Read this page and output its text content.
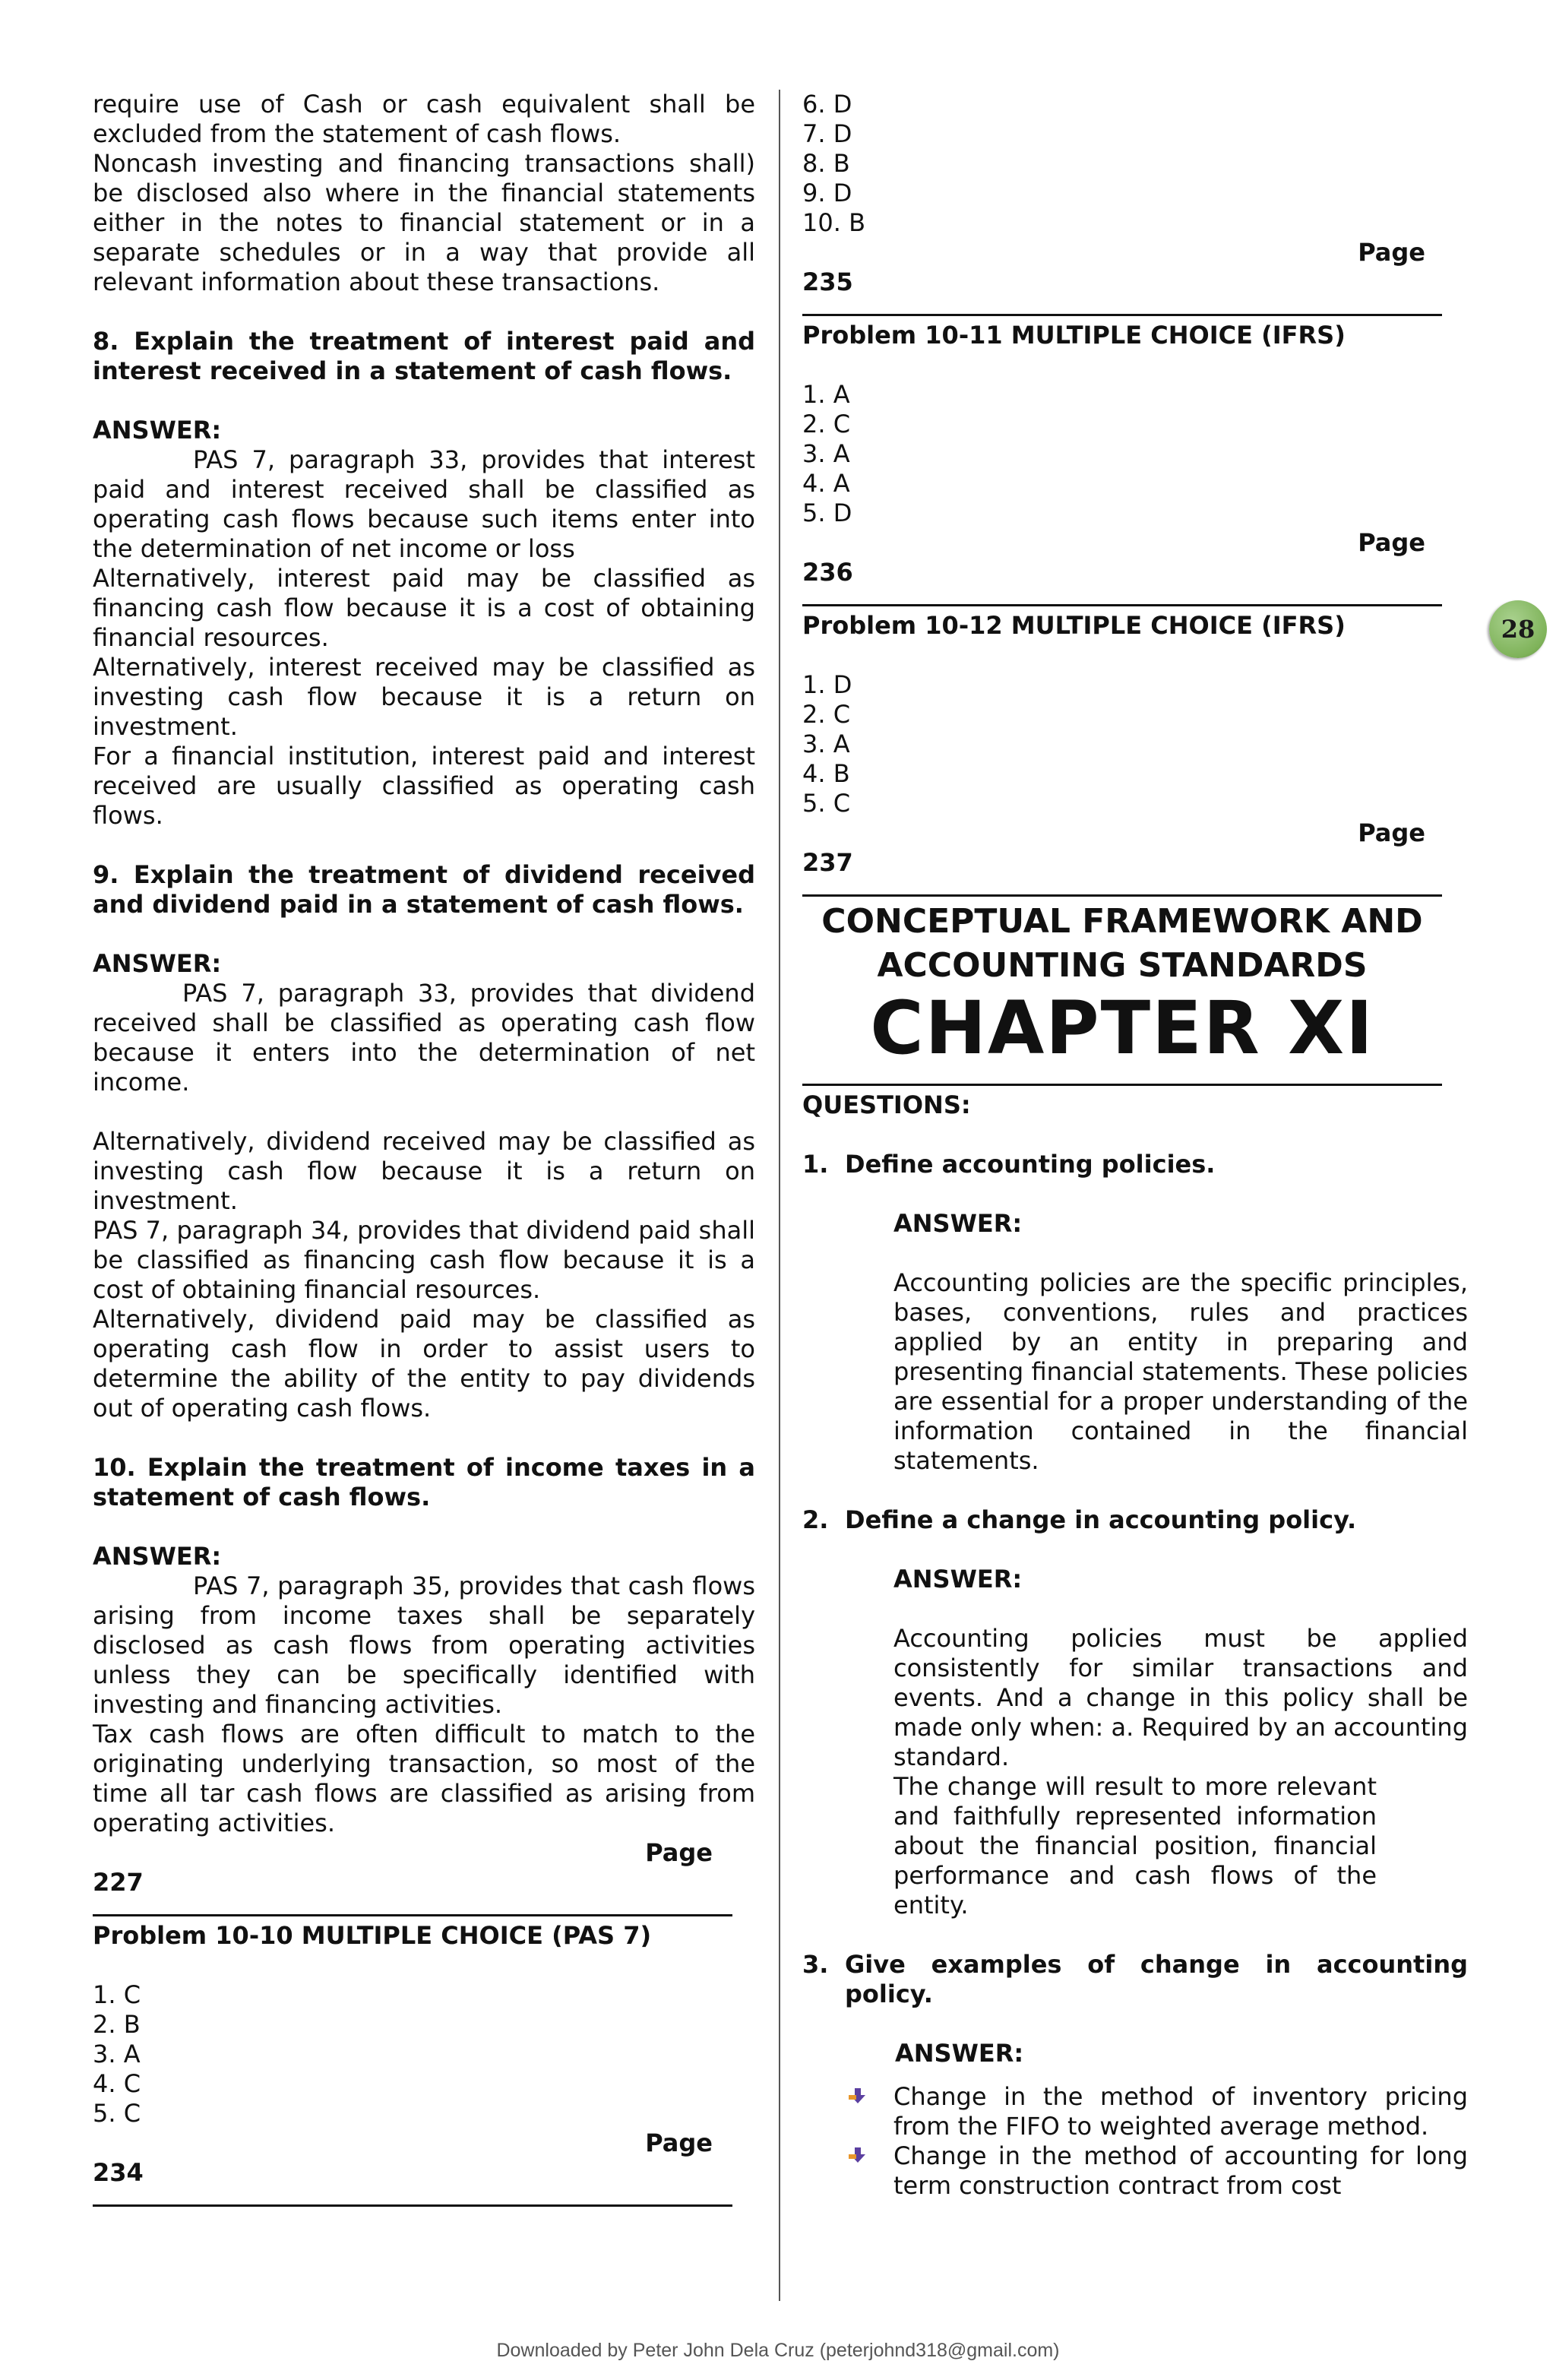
require use of Cash or cash equivalent shall be excluded from the statement of cash flows.

Noncash investing and financing transactions shall) be disclosed also where in the financial statements either in the notes to financial statement or in a separate schedules or in a way that provide all relevant information about these transactions.

8. Explain the treatment of interest paid and interest received in a statement of cash flows.

ANSWER:

PAS 7, paragraph 33, provides that interest paid and interest received shall be classified as operating cash flows because such items enter into the determination of net income or loss

Alternatively, interest paid may be classified as financing cash flow because it is a cost of obtaining financial resources.

Alternatively, interest received may be classified as investing cash flow because it is a return on investment.

For a financial institution, interest paid and interest received are usually classified as operating cash flows.

9. Explain the treatment of dividend received and dividend paid in a statement of cash flows.

ANSWER:

PAS 7, paragraph 33, provides that dividend received shall be classified as operating cash flow because it enters into the determination of net income.

Alternatively, dividend received may be classified as investing cash flow because it is a return on investment.

PAS 7, paragraph 34, provides that dividend paid shall be classified as financing cash flow because it is a cost of obtaining financial resources.

Alternatively, dividend paid may be classified as operating cash flow in order to assist users to determine the ability of the entity to pay dividends out of operating cash flows.

10. Explain the treatment of income taxes in a statement of cash flows.

ANSWER:

PAS 7, paragraph 35, provides that cash flows arising from income taxes shall be separately disclosed as cash flows from operating activities unless they can be specifically identified with investing and financing activities.

Tax cash flows are often difficult to match to the originating underlying transaction, so most of the time all tar cash flows are classified as arising from operating activities.

Page

227

Problem 10-10 MULTIPLE CHOICE (PAS 7)

1. C

2. B

3. A

4. C

5. C

Page

234

6. D

7. D

8. B

9. D

10. B

Page

235

Problem 10-11 MULTIPLE CHOICE (IFRS)

1. A

2. C

3. A

4. A

5. D

Page

236

Problem 10-12 MULTIPLE CHOICE (IFRS)

1. D

2. C

3. A

4. B

5. C

Page

237

CONCEPTUAL FRAMEWORK AND

ACCOUNTING STANDARDS

CHAPTER XI

QUESTIONS:

1. Define accounting policies.

ANSWER:

Accounting policies are the specific principles, bases, conventions, rules and practices applied by an entity in preparing and presenting financial statements. These policies are essential for a proper understanding of the information contained in the financial statements.

2. Define a change in accounting policy.

ANSWER:

Accounting policies must be applied consistently for similar transactions and events. And a change in this policy shall be made only when: a. Required by an accounting standard.

The change will result to more relevant and faithfully represented information about the financial position, financial performance and cash flows of the entity.

3. Give examples of change in accounting policy.

ANSWER:

Change in the method of inventory pricing from the FIFO to weighted average method.
Change in the method of accounting for long term construction contract from cost
28
Downloaded by Peter John Dela Cruz (peterjohnd318@gmail.com)
